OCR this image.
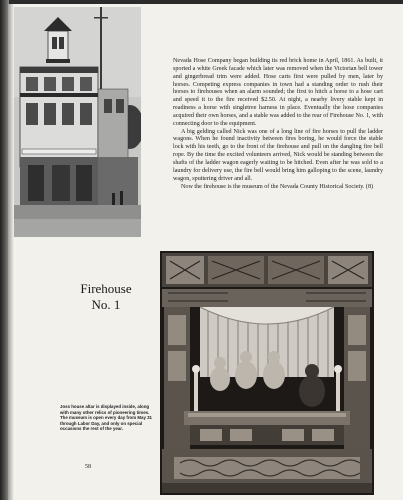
Nevada Hose Company began building its red brick home in April, 1861. As built, it sported a white Greek facade which later was removed when the Victorian bell tower and gingerbread trim were added. Hose carts first were pulled by men, later by horses. Competing express companies in town had a standing order to rush their horses to firehouses when an alarm sounded; the first to hitch a horse to a hose cart and speed it to the fire received $2.50. At night, a nearby livery stable kept in readiness a horse with singletree harness in place. Eventually the hose companies acquired their own horses, and a stable was added to the rear of Firehouse No. 1, with connecting door to the equipment.

A big gelding called Nick was one of a long line of fire horses to pull the ladder wagons. When he found inactivity between fires boring, he would force the stable lock with his teeth, go to the front of the firehouse and pull on the dangling fire bell rope. By the time the excited volunteers arrived, Nick would be standing between the shafts of the ladder wagon eagerly waiting to be hitched. Even after he was sold to a laundry for delivery use, the fire bell would bring him galloping to the scene, laundry wagon, sputtering driver and all.

Now the firehouse is the museum of the Nevada County Historical Society. (8)

Firehouse
No. 1
Joss house altar is displayed inside, along with many other relics of pioneering times. The museum is open every day from May 31 through Labor Day, and only on special occasions the rest of the year.
58
